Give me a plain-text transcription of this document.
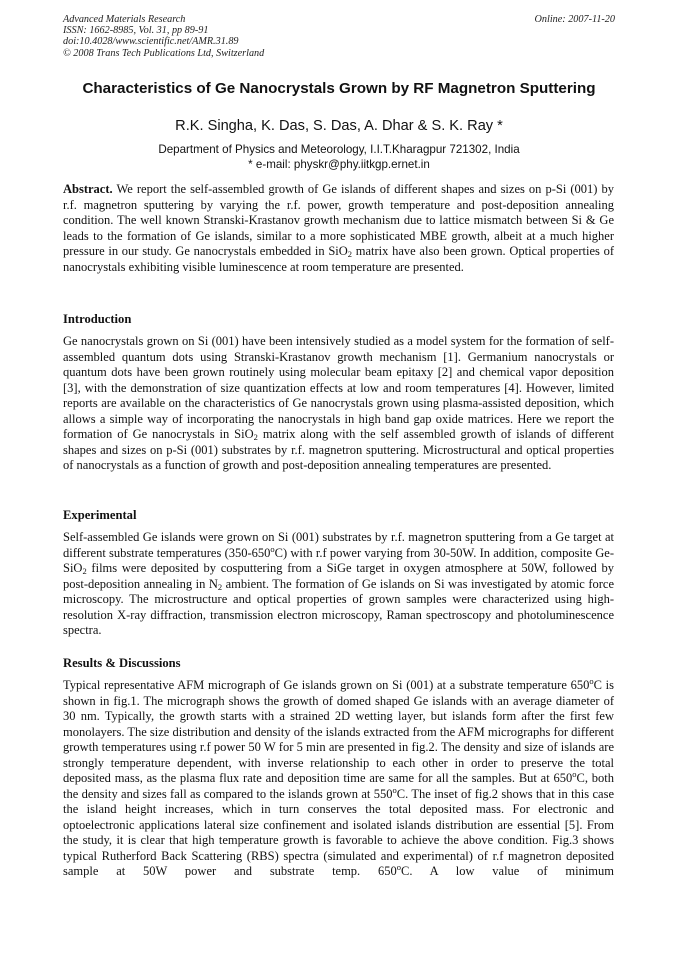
Advanced Materials Research
ISSN: 1662-8985, Vol. 31, pp 89-91
doi:10.4028/www.scientific.net/AMR.31.89
© 2008 Trans Tech Publications Ltd, Switzerland
Online: 2007-11-20
Characteristics of Ge Nanocrystals Grown by RF Magnetron Sputtering
R.K. Singha, K. Das, S. Das, A. Dhar & S. K. Ray *
Department of Physics and Meteorology, I.I.T.Kharagpur 721302, India
* e-mail: physkr@phy.iitkgp.ernet.in

Abstract. We report the self-assembled growth of Ge islands of different shapes and sizes on p-Si (001) by r.f. magnetron sputtering by varying the r.f. power, growth temperature and post-deposition annealing condition. The well known Stranski-Krastanov growth mechanism due to lattice mismatch between Si & Ge leads to the formation of Ge islands, similar to a more sophisticated MBE growth, albeit at a much higher pressure in our study. Ge nanocrystals embedded in SiO$_2$ matrix have also been grown. Optical properties of nanocrystals exhibiting visible luminescence at room temperature are presented.

Introduction

Ge nanocrystals grown on Si (001) have been intensively studied as a model system for the formation of self-assembled quantum dots using Stranski-Krastanov growth mechanism [1]. Germanium nanocrystals or quantum dots have been grown routinely using molecular beam epitaxy [2] and chemical vapor deposition [3], with the demonstration of size quantization effects at low and room temperatures [4]. However, limited reports are available on the characteristics of Ge nanocrystals grown using plasma-assisted deposition, which allows a simple way of incorporating the nanocrystals in high band gap oxide matrices. Here we report the formation of Ge nanocrystals in SiO$_2$ matrix along with the self assembled growth of islands of different shapes and sizes on p-Si (001) substrates by r.f. magnetron sputtering. Microstructural and optical properties of nanocrystals as a function of growth and post-deposition annealing temperatures are presented.

Experimental

Self-assembled Ge islands were grown on Si (001) substrates by r.f. magnetron sputtering from a Ge target at different substrate temperatures (350-650$^o$C) with r.f power varying from 30-50W. In addition, composite Ge-SiO$_2$ films were deposited by cosputtering from a SiGe target in oxygen atmosphere at 50W, followed by post-deposition annealing in $N_2$ ambient. The formation of Ge islands on Si was investigated by atomic force microscopy. The microstructure and optical properties of grown samples were characterized using high-resolution X-ray diffraction, transmission electron microscopy, Raman spectroscopy and photoluminescence spectra.

Results & Discussions

Typical representative AFM micrograph of Ge islands grown on Si (001) at a substrate temperature 650$^o$C is shown in fig.1. The micrograph shows the growth of domed shaped Ge islands with an average diameter of 30 nm. Typically, the growth starts with a strained 2D wetting layer, but islands form after the first few monolayers. The size distribution and density of the islands extracted from the AFM micrographs for different growth temperatures using r.f power 50 W for 5 min are presented in fig.2. The density and size of islands are strongly temperature dependent, with inverse relationship to each other in order to preserve the total deposited mass, as the plasma flux rate and deposition time are same for all the samples. But at 650$^o$C, both the density and sizes fall as compared to the islands grown at 550$^o$C. The inset of fig.2 shows that in this case the island height increases, which in turn conserves the total deposited mass. For electronic and optoelectronic applications lateral size confinement and isolated islands distribution are essential [5]. From the study, it is clear that high temperature growth is favorable to achieve the above condition. Fig.3 shows typical Rutherford Back Scattering (RBS) spectra (simulated and experimental) of r.f magnetron deposited sample at 50W power and substrate temp. 650$^o$C. A low value of minimum
